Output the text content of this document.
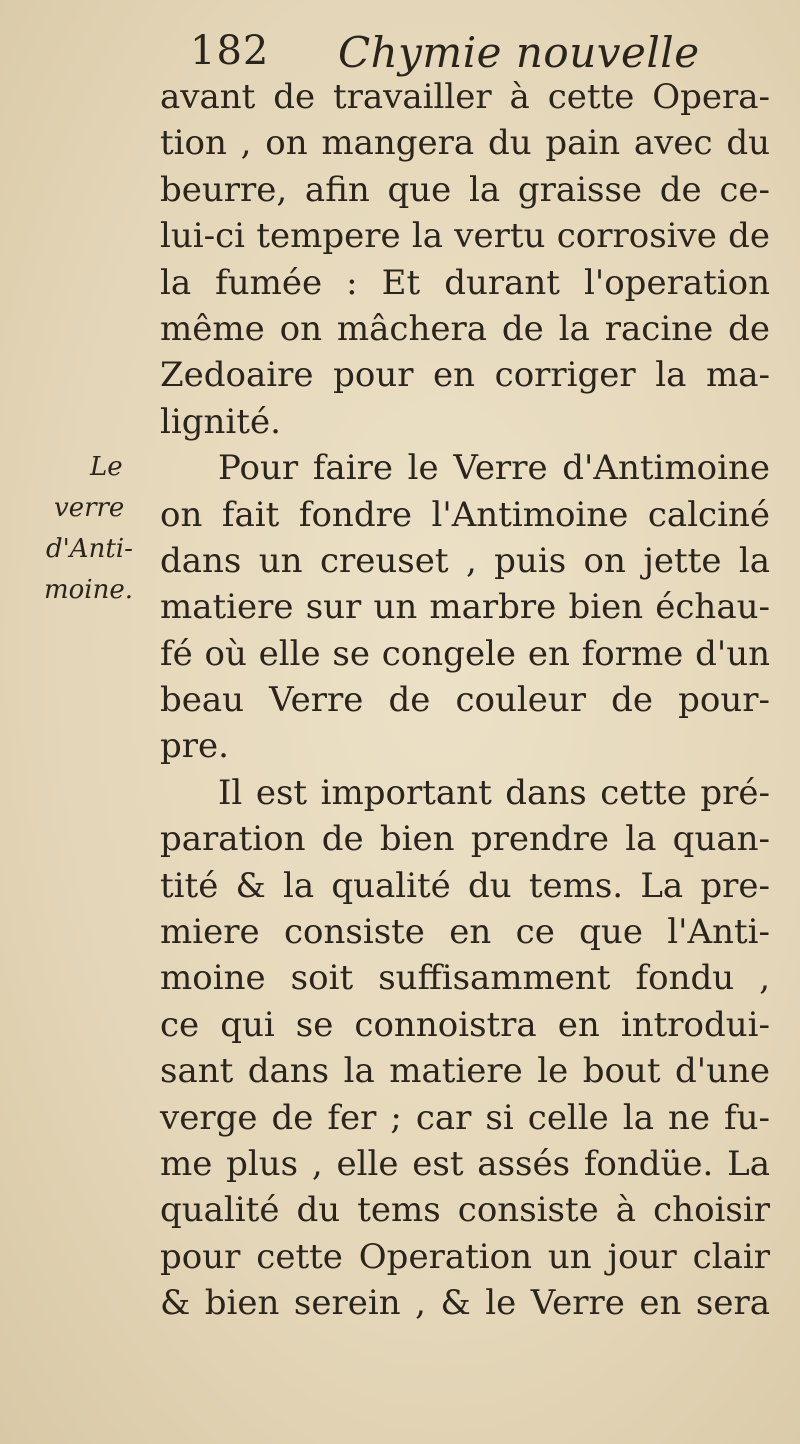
182 Chymie nouvelle
Le
verre
d'Anti-
moine.
avant de travailler à cette Opera-
tion , on mangera du pain avec du
beurre, afin que la graisse de ce-
lui-ci tempere la vertu corrosive de
la fumée : Et durant l'operation
même on mâchera de la racine de
Zedoaire pour en corriger la ma-
lignité.
Pour faire le Verre d'Antimoine
on fait fondre l'Antimoine calciné
dans un creuset , puis on jette la
matiere sur un marbre bien échau-
fé où elle se congele en forme d'un
beau Verre de couleur de pour-
pre.
Il est important dans cette pré-
paration de bien prendre la quan-
tité & la qualité du tems. La pre-
miere consiste en ce que l'Anti-
moine soit suffisamment fondu ,
ce qui se connoistra en introdui-
sant dans la matiere le bout d'une
verge de fer ; car si celle la ne fu-
me plus , elle est assés fondüe. La
qualité du tems consiste à choisir
pour cette Operation un jour clair
& bien serein , & le Verre en sera
